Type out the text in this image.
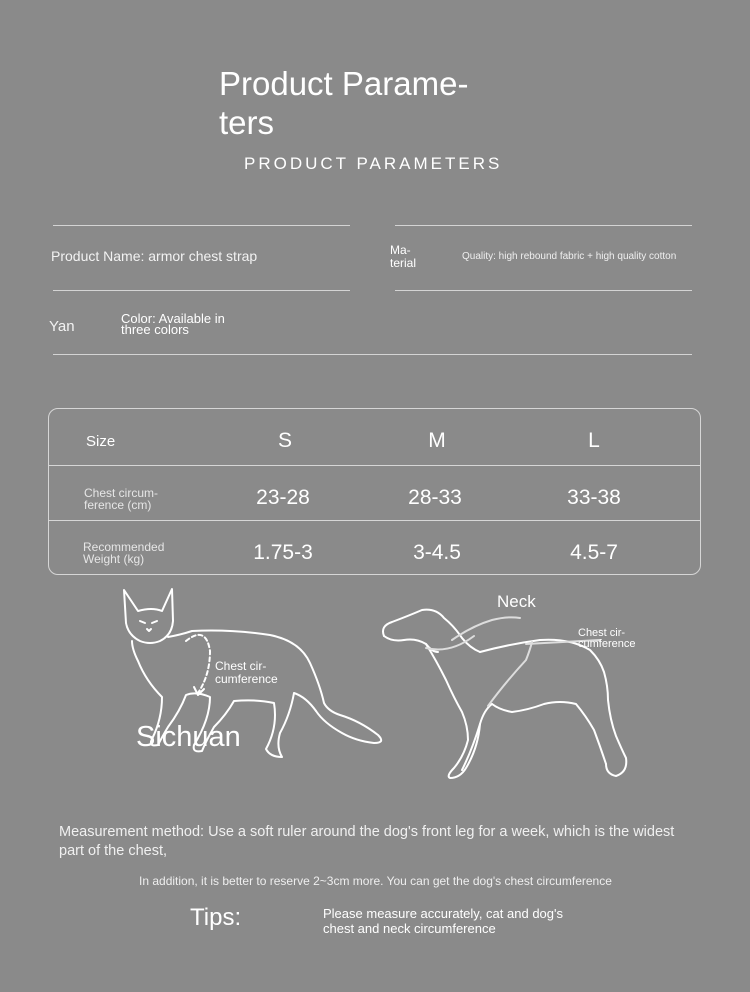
Product Parame-
ters
PRODUCT PARAMETERS
Product Name: armor chest strap	Ma-
terial	Quality: high rebound fabric + high quality cotton
Yan	Color: Available in
three colors
Size	S	M	L
Chest circum-
ference (cm)	23-28	28-33	33-38
Recommended
Weight (kg)	1.75-3	3-4.5	4.5-7
Chest cir-
cumference
Sichuan
Neck
Chest cir-
cumference
Measurement method: Use a soft ruler around the dog's front leg for a week, which is the widest
part of the chest,
In addition, it is better to reserve 2~3cm more. You can get the dog's chest circumference
Tips:	Please measure accurately, cat and dog's
chest and neck circumference
